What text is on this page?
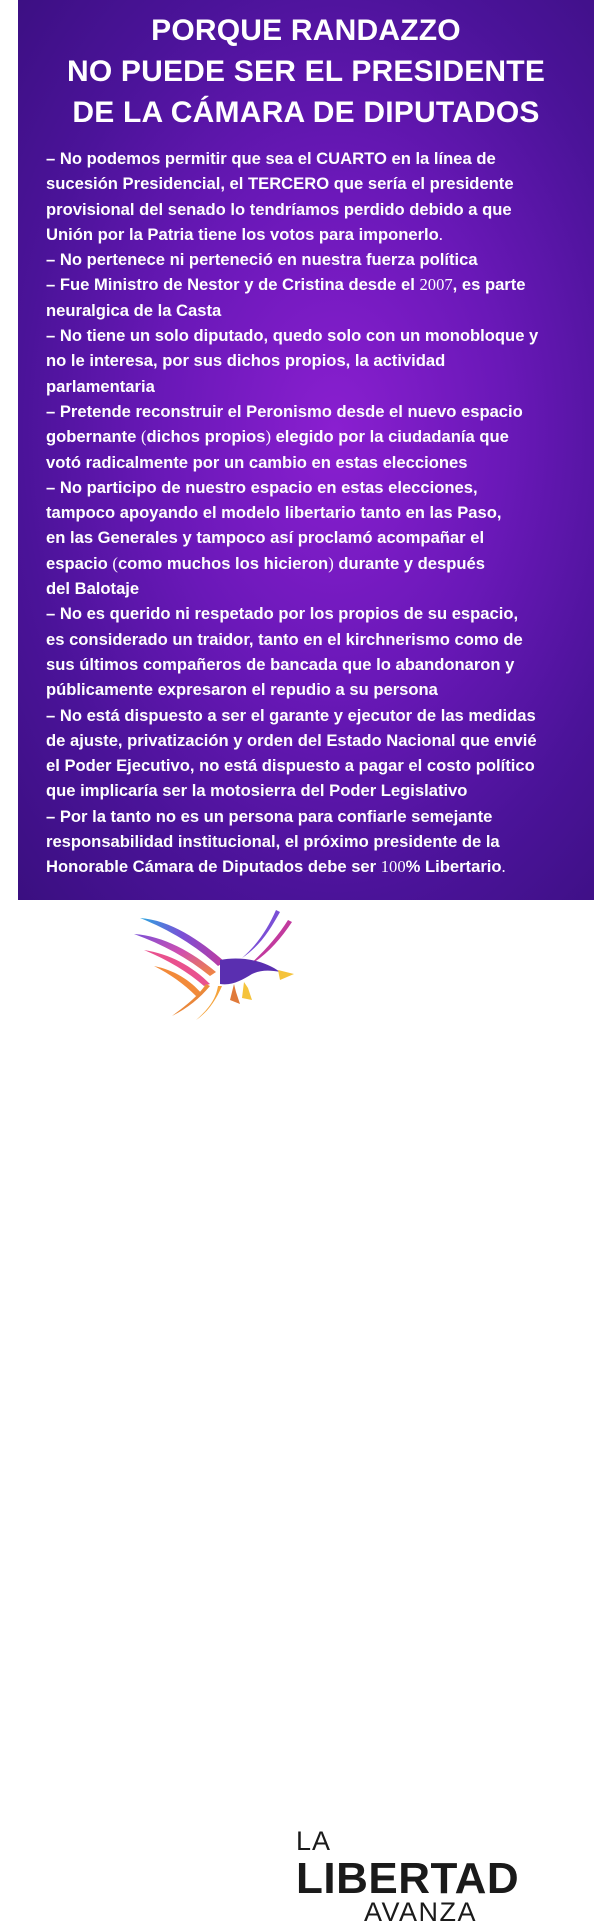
PORQUE RANDAZZO
NO PUEDE SER EL PRESIDENTE
DE LA CÁMARA DE DIPUTADOS
– No podemos permitir que sea el CUARTO en la línea de
sucesión Presidencial, el TERCERO que sería el presidente
provisional del senado lo tendríamos perdido debido a que
Unión por la Patria tiene los votos para imponerlo.
– No pertenece ni perteneció en nuestra fuerza política
– Fue Ministro de Nestor y de Cristina desde el 2007, es parte
neuralgica de la Casta
– No tiene un solo diputado, quedo solo con un monobloque y
no le interesa, por sus dichos propios, la actividad
parlamentaria
– Pretende reconstruir el Peronismo desde el nuevo espacio
gobernante (dichos propios) elegido por la ciudadanía que
votó radicalmente por un cambio en estas elecciones
– No participo de nuestro espacio en estas elecciones,
tampoco apoyando el modelo libertario tanto en las Paso,
en las Generales y tampoco así proclamó acompañar el
espacio (como muchos los hicieron) durante y después
del Balotaje
– No es querido ni respetado por los propios de su espacio,
es considerado un traidor, tanto en el kirchnerismo como de
sus últimos compañeros de bancada que lo abandonaron y
públicamente expresaron el repudio a su persona
– No está dispuesto a ser el garante y ejecutor de las medidas
de ajuste, privatización y orden del Estado Nacional que envié
el Poder Ejecutivo, no está dispuesto a pagar el costo político
que implicaría ser la motosierra del Poder Legislativo
– Por la tanto no es un persona para confiarle semejante
responsabilidad institucional, el próximo presidente de la
Honorable Cámara de Diputados debe ser 100% Libertario.
LA
LIBERTAD
AVANZA
